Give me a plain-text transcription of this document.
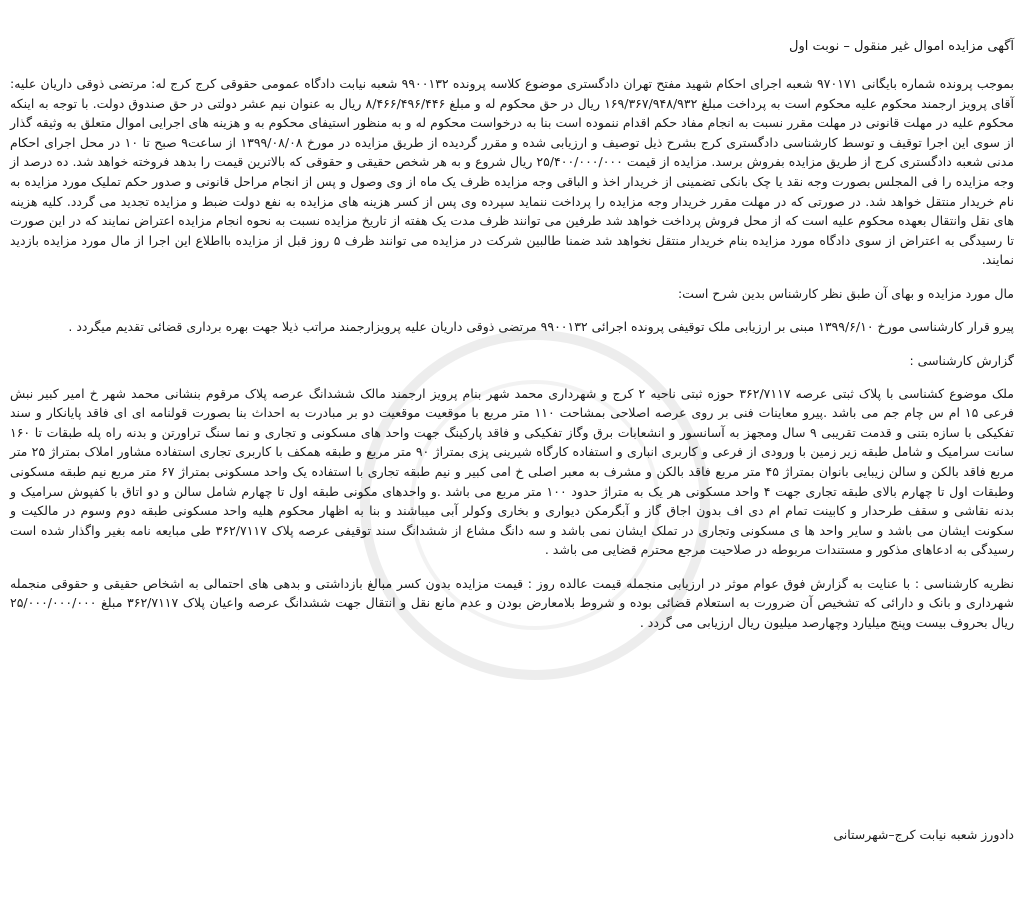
آگهی مزایده اموال غیر منقول – نوبت اول

بموجب پرونده شماره بایگانی ۹۷۰۱۷۱ شعبه اجرای احکام شهید مفتح تهران دادگستری موضوع کلاسه پرونده ۹۹۰۰۱۳۲ شعبه نیابت دادگاه عمومی حقوقی کرج کرج له: مرتضی ذوقی داریان علیه: آقای پرویز ارجمند محکوم علیه محکوم است به پرداخت مبلغ ۱۶۹/۳۶۷/۹۴۸/۹۳۲ ریال در حق محکوم له و مبلغ ۸/۴۶۶/۴۹۶/۴۴۶ ریال به عنوان نیم عشر دولتی در حق صندوق دولت. با توجه به اینکه محکوم علیه در مهلت قانونی در مهلت مقرر نسبت به انجام مفاد حکم اقدام ننموده است بنا به درخواست محکوم له و به منظور استیفای محکوم به و هزینه های اجرایی اموال متعلق به وثیقه گذار از سوی این اجرا توقیف و توسط کارشناسی دادگستری کرج بشرح ذیل توصیف و ارزیابی شده و مقرر گردیده از طریق مزایده در مورخ ۱۳۹۹/۰۸/۰۸ از ساعت۹ صبح تا ۱۰ در محل اجرای احکام مدنی شعبه دادگستری کرج از طریق مزایده بفروش برسد. مزایده از قیمت ۲۵/۴۰۰/۰۰۰/۰۰۰ ریال شروع و به هر شخص حقیقی و حقوقی که بالاترین قیمت را بدهد فروخته خواهد شد. ده درصد از وجه مزایده را فی المجلس بصورت وجه نقد یا چک بانکی تضمینی از خریدار اخذ و الباقی وجه مزایده ظرف یک ماه از وی وصول و پس از انجام مراحل قانونی و صدور حکم تملیک مورد مزایده به نام خریدار منتقل خواهد شد. در صورتی که در مهلت مقرر خریدار وجه مزایده را پرداخت ننماید سپرده وی پس از کسر هزینه های مزایده به نفع دولت ضبط و مزایده تجدید می گردد. کلیه هزینه های نقل وانتقال بعهده محکوم علیه است که از محل فروش پرداخت خواهد شد طرفین می توانند ظرف مدت یک هفته از تاریخ مزایده نسبت به نحوه انجام مزایده اعتراض نمایند که در این صورت تا رسیدگی به اعتراض از سوی دادگاه مورد مزایده بنام خریدار منتقل نخواهد شد ضمنا طالبین شرکت در مزایده می توانند ظرف ۵ روز قبل از مزایده بااطلاع این اجرا از مال مورد مزایده بازدید نمایند.

مال مورد مزایده و بهای آن طبق نظر کارشناس بدین شرح است:

پیرو قرار کارشناسی مورخ ۱۳۹۹/۶/۱۰ مبنی بر ارزیابی ملک توقیفی پرونده اجرائی ۹۹۰۰۱۳۲ مرتضی ذوقی داریان علیه پرویزارجمند مراتب ذیلا جهت بهره برداری قضائی تقدیم میگردد .

گزارش کارشناسی :

ملک موضوع کشناسی با پلاک ثبتی عرصه ۳۶۲/۷۱۱۷ حوزه ثبتی ناحیه ۲ کرج و شهرداری محمد شهر بنام پرویز ارجمند مالک ششدانگ عرصه پلاک مرقوم بنشانی محمد شهر خ امیر کبیر نبش فرعی ۱۵ ام س چام جم می باشد .پیرو معاینات فنی بر روی عرصه اصلاحی بمشاحت ۱۱۰ متر مربع با موقعیت موقعیت دو بر مبادرت به احداث بنا بصورت قولنامه ای ای فاقد پایانکار و سند تفکیکی با سازه بتنی و قدمت تقریبی ۹ سال ومجهز به آسانسور و انشعابات برق وگاز تفکیکی و فاقد پارکینگ جهت واحد های مسکونی و تجاری و نما سنگ تراورتن و بدنه راه پله طبقات تا ۱۶۰ سانت سرامیک و شامل طبقه زیر زمین با ورودی از فرعی و کاربری انباری و استفاده کارگاه شیرینی پزی بمتراژ ۹۰ متر مربع و طبقه همکف با کاربری تجاری استفاده مشاور املاک بمتراژ ۲۵ متر مربع فاقد بالکن و سالن زیبایی بانوان بمتراژ ۴۵ متر مربع فاقد بالکن و مشرف به معبر اصلی خ امی کبیر و نیم طبقه تجاری با استفاده یک واحد مسکونی بمتراژ ۶۷ متر مربع نیم طبقه مسکونی وطبقات اول تا چهارم بالای طبقه تجاری جهت ۴ واحد مسکونی هر یک به متراژ حدود ۱۰۰ متر مربع می باشد .و واحدهای مکونی طبقه اول تا چهارم شامل سالن و دو اتاق با کفپوش سرامیک و بدنه نقاشی و سقف طرحدار و کابینت تمام ام دی اف بدون اجاق گاز و آبگرمکن دیواری و بخاری وکولر آبی میباشند و بنا به اظهار محکوم هلیه واحد مسکونی طبقه دوم وسوم در مالکیت و سکونت ایشان می باشد و سایر واحد ها ی مسکونی وتجاری در تملک ایشان نمی باشد و سه دانگ مشاع از ششدانگ سند توقیفی عرصه پلاک ۳۶۲/۷۱۱۷ طی مبایعه نامه بغیر واگذار شده است رسیدگی به ادعاهای مذکور و مستندات مربوطه در صلاحیت مرجع محترم قضایی می باشد .

نظریه کارشناسی : با عنایت به گزارش فوق عوام موثر در ارزیابی منجمله قیمت عالده روز : قیمت مزایده بدون کسر مبالغ بازداشتی و بدهی های احتمالی به اشخاص حقیقی و حقوقی منجمله شهرداری و بانک و دارائی که تشخیص آن ضرورت به استعلام قضائی بوده و شروط بلامعارض بودن و عدم مانع نقل و انتقال جهت ششدانگ عرصه واعیان پلاک ۳۶۲/۷۱۱۷ مبلغ ۲۵/۰۰۰/۰۰۰/۰۰۰ ریال بحروف بیست وپنج میلیارد وچهارصد میلیون ریال ارزیابی می گردد .

دادورز شعبه نیابت کرج–شهرستانی
